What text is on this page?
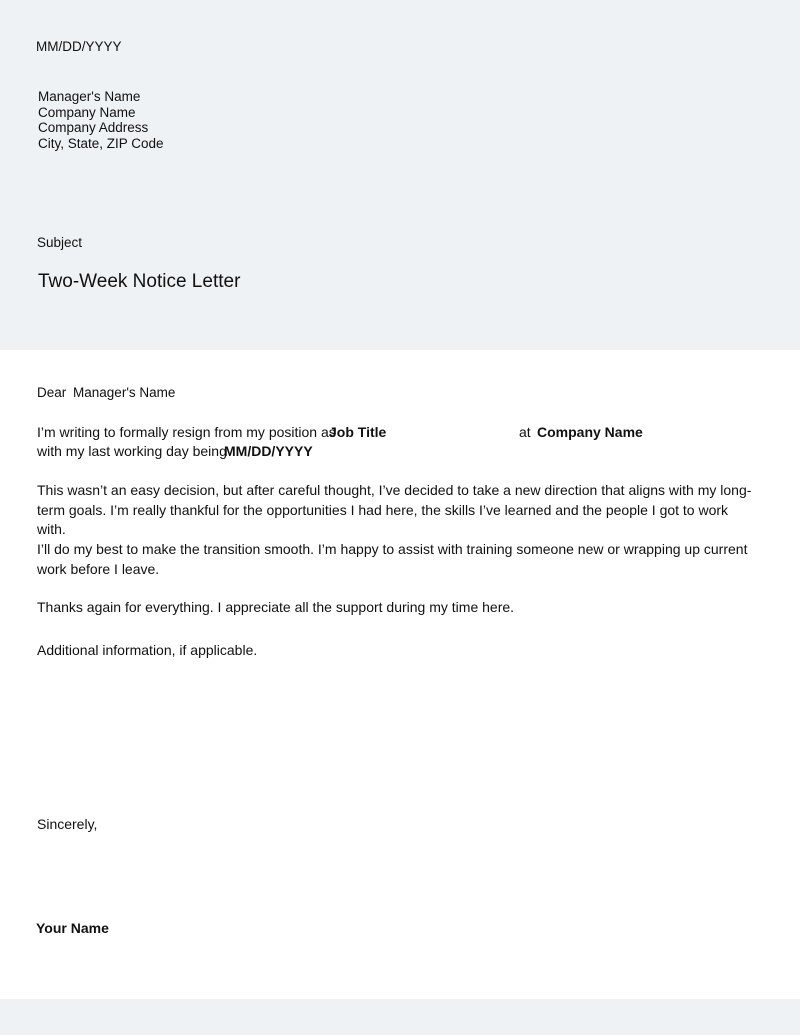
MM/DD/YYYY
Manager's Name
Company Name
Company Address
City, State, ZIP Code
Subject
Two-Week Notice Letter
Dear Manager's Name
I’m writing to formally resign from my position as
Job Title	at Company Name
with my last working day being
MM/DD/YYYY
This wasn’t an easy decision, but after careful thought, I’ve decided to take a new direction that aligns with my long-term goals. I’m really thankful for the opportunities I had here, the skills I’ve learned and the people I got to work with.
I’ll do my best to make the transition smooth. I’m happy to assist with training someone new or wrapping up current work before I leave.
Thanks again for everything. I appreciate all the support during my time here.
Additional information, if applicable.
Sincerely,
Your Name
